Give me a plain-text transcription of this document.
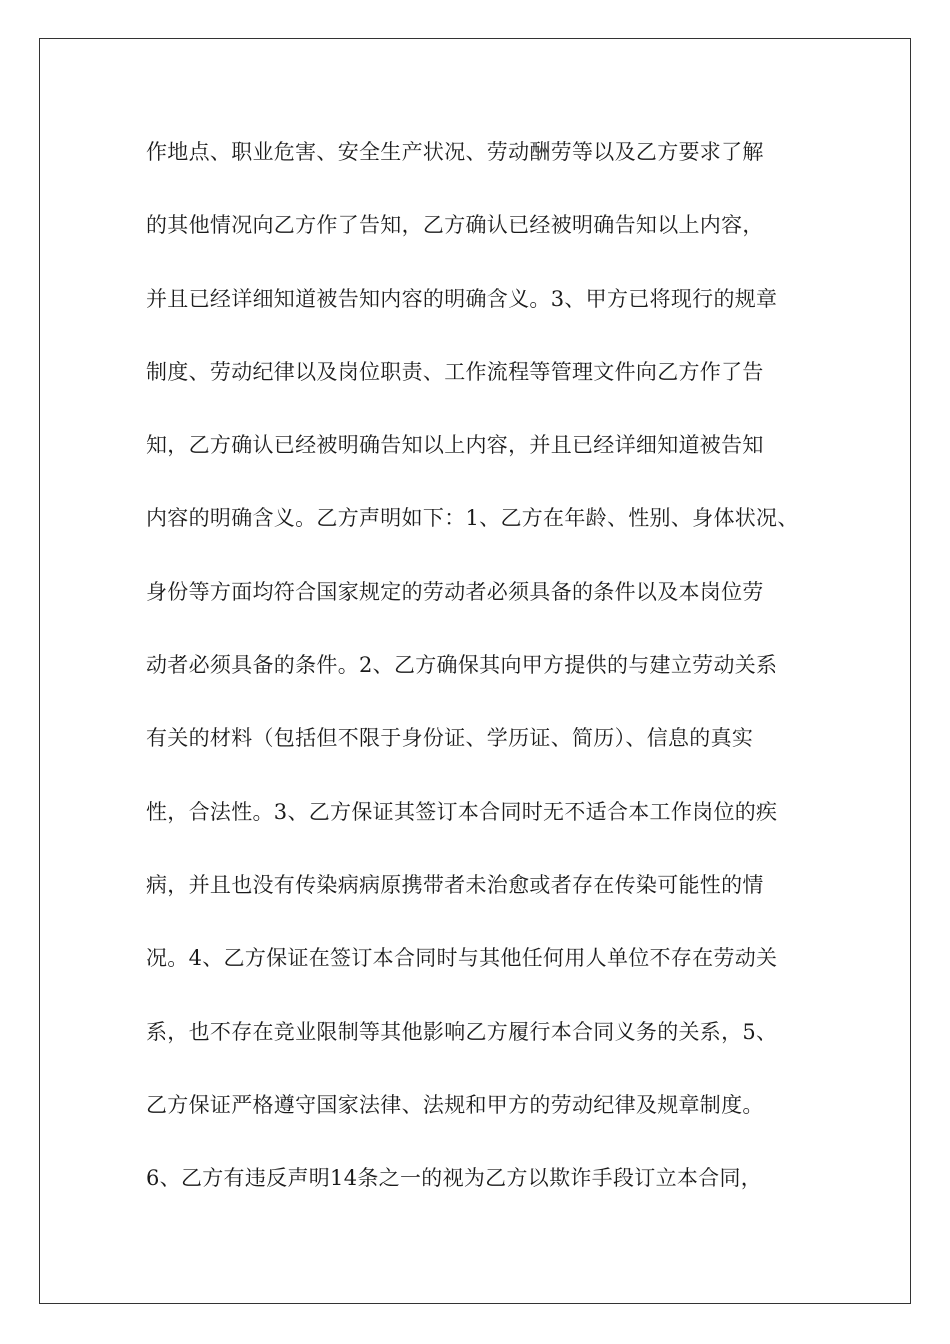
作地点、职业危害、安全生产状况、劳动酬劳等以及乙方要求了解
的其他情况向乙方作了告知，乙方确认已经被明确告知以上内容，
并且已经详细知道被告知内容的明确含义。3、甲方已将现行的规章
制度、劳动纪律以及岗位职责、工作流程等管理文件向乙方作了告
知，乙方确认已经被明确告知以上内容，并且已经详细知道被告知
内容的明确含义。乙方声明如下：1、乙方在年龄、性别、身体状况、
身份等方面均符合国家规定的劳动者必须具备的条件以及本岗位劳
动者必须具备的条件。2、乙方确保其向甲方提供的与建立劳动关系
有关的材料（包括但不限于身份证、学历证、简历）、信息的真实
性，合法性。3、乙方保证其签订本合同时无不适合本工作岗位的疾
病，并且也没有传染病病原携带者未治愈或者存在传染可能性的情
况。4、乙方保证在签订本合同时与其他任何用人单位不存在劳动关
系，也不存在竞业限制等其他影响乙方履行本合同义务的关系，5、
乙方保证严格遵守国家法律、法规和甲方的劳动纪律及规章制度。
6、乙方有违反声明14条之一的视为乙方以欺诈手段订立本合同，
